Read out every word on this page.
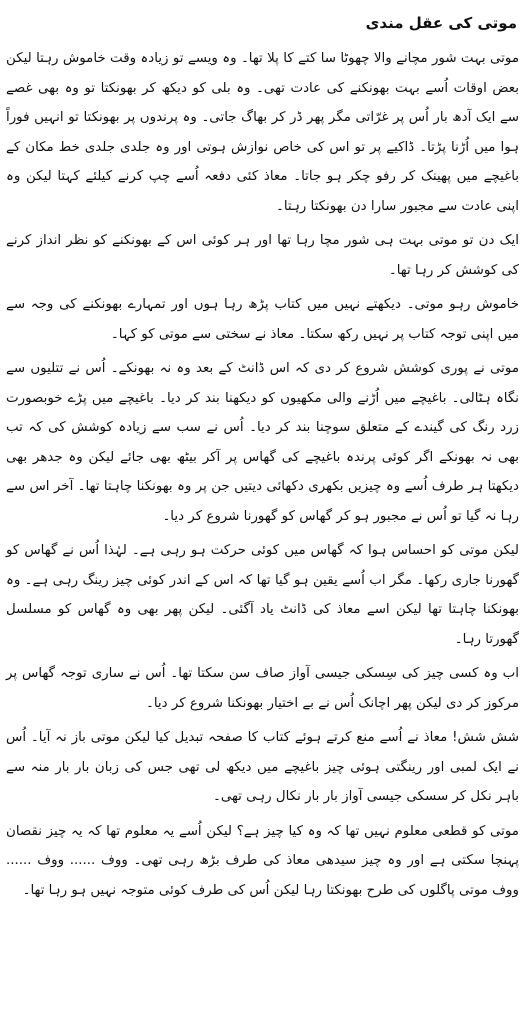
موتی کی عقل مندی

موتی بہت شور مچانے والا چھوٹا سا کتے کا پلا تھا۔ وہ ویسے تو زیادہ وقت خاموش رہتا لیکن بعض اوقات اُسے بہت بھونکنے کی عادت تھی۔ وہ بلی کو دیکھ کر بھونکتا تو وہ بھی غصے سے ایک آدھ بار اُس پر غرّاتی مگر پھر ڈر کر بھاگ جاتی۔ وہ پرندوں پر بھونکتا تو انہیں فوراً ہوا میں اُڑنا پڑتا۔ ڈاکیے پر تو اس کی خاص نوازش ہوتی اور وہ جلدی جلدی خط مکان کے باغیچے میں پھینک کر رفو چکر ہو جاتا۔ معاذ کئی دفعہ اُسے چپ کرنے کیلئے کہتا لیکن وہ اپنی عادت سے مجبور سارا دن بھونکتا رہتا۔

ایک دن تو موتی بہت ہی شور مچا رہا تھا اور ہر کوئی اس کے بھونکنے کو نظر انداز کرنے کی کوشش کر رہا تھا۔

خاموش رہو موتی۔ دیکھتے نہیں میں کتاب پڑھ رہا ہوں اور تمہارے بھونکنے کی وجہ سے میں اپنی توجہ کتاب پر نہیں رکھ سکتا۔ معاذ نے سختی سے موتی کو کہا۔

موتی نے پوری کوشش شروع کر دی کہ اس ڈانٹ کے بعد وہ نہ بھونکے۔ اُس نے تتلیوں سے نگاہ ہٹالی۔ باغیچے میں اُڑنے والی مکھیوں کو دیکھنا بند کر دیا۔ باغیچے میں پڑے خوبصورت زرد رنگ کی گیندے کے متعلق سوچنا بند کر دیا۔ اُس نے سب سے زیادہ کوشش کی کہ تب بھی نہ بھونکے اگر کوئی پرندہ باغیچے کی گھاس پر آکر بیٹھ بھی جائے لیکن وہ جدھر بھی دیکھتا ہر طرف اُسے وہ چیزیں بکھری دکھائی دیتیں جن پر وہ بھونکنا چاہتا تھا۔ آخر اس سے رہا نہ گیا تو اُس نے مجبور ہو کر گھاس کو گھورنا شروع کر دیا۔

لیکن موتی کو احساس ہوا کہ گھاس میں کوئی حرکت ہو رہی ہے۔ لہٰذا اُس نے گھاس کو گھورنا جاری رکھا۔ مگر اب اُسے یقین ہو گیا تھا کہ اس کے اندر کوئی چیز رینگ رہی ہے۔ وہ بھونکنا چاہتا تھا لیکن اسے معاذ کی ڈانٹ یاد آگئی۔ لیکن پھر بھی وہ گھاس کو مسلسل گھورتا رہا۔

اب وہ کسی چیز کی سِسکی جیسی آواز صاف سن سکتا تھا۔ اُس نے ساری توجہ گھاس پر مرکوز کر دی لیکن پھر اچانک اُس نے بے اختیار بھونکنا شروع کر دیا۔

شش شش! معاذ نے اُسے منع کرتے ہوئے کتاب کا صفحہ تبدیل کیا لیکن موتی باز نہ آیا۔ اُس نے ایک لمبی اور رینگتی ہوئی چیز باغیچے میں دیکھ لی تھی جس کی زبان بار بار منہ سے باہر نکل کر سسکی جیسی آواز بار بار نکال رہی تھی۔

موتی کو قطعی معلوم نہیں تھا کہ وہ کیا چیز ہے؟ لیکن اُسے یہ معلوم تھا کہ یہ چیز نقصان پہنچا سکتی ہے اور وہ چیز سیدھی معاذ کی طرف بڑھ رہی تھی۔ ووف ...... ووف ...... ووف موتی پاگلوں کی طرح بھونکتا رہا لیکن اُس کی طرف کوئی متوجہ نہیں ہو رہا تھا۔
